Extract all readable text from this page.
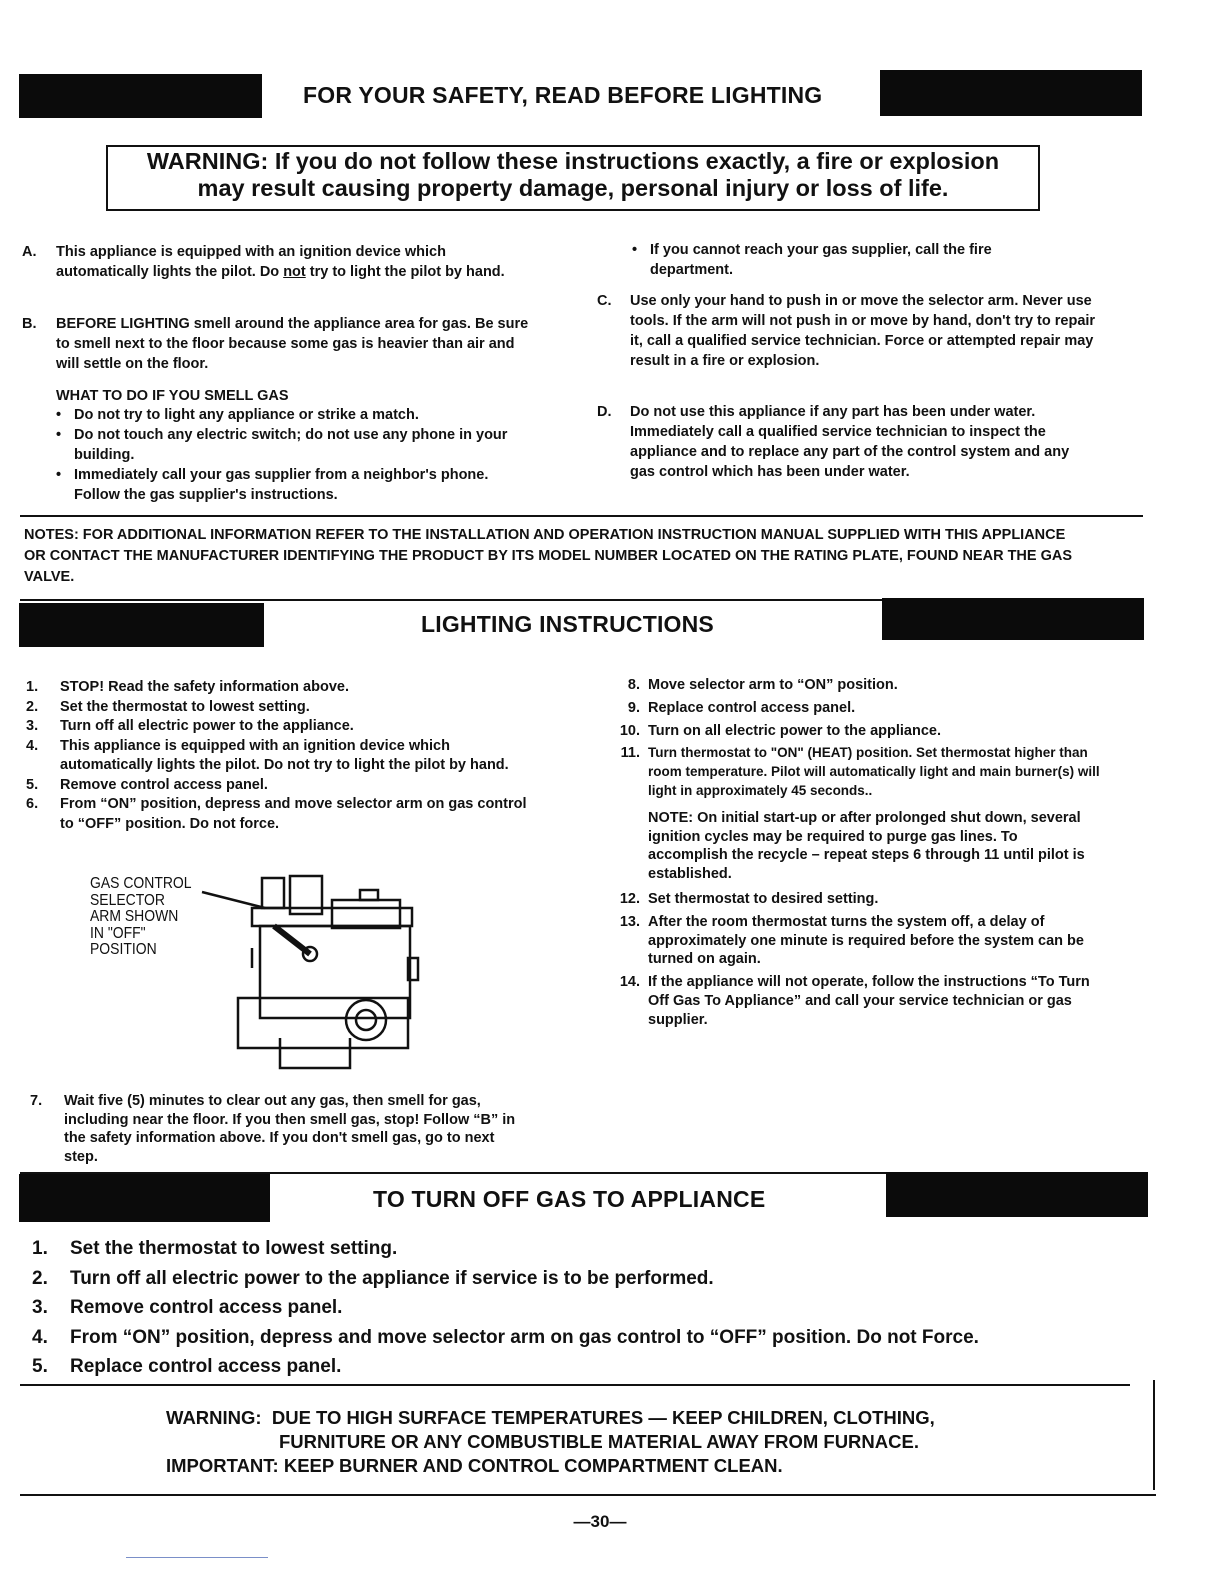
FOR YOUR SAFETY, READ BEFORE LIGHTING
WARNING: If you do not follow these instructions exactly, a fire or explosion
may result causing property damage, personal injury or loss of life.
A.	This appliance is equipped with an ignition device which automatically lights the pilot. Do not try to light the pilot by hand.
B.	BEFORE LIGHTING smell around the appliance area for gas. Be sure to smell next to the floor because some gas is heavier than air and will settle on the floor.
WHAT TO DO IF YOU SMELL GAS
• Do not try to light any appliance or strike a match.
• Do not touch any electric switch; do not use any phone in your building.
• Immediately call your gas supplier from a neighbor's phone. Follow the gas supplier's instructions.
• If you cannot reach your gas supplier, call the fire department.
C.	Use only your hand to push in or move the selector arm. Never use tools. If the arm will not push in or move by hand, don't try to repair it, call a qualified service technician. Force or attempted repair may result in a fire or explosion.
D.	Do not use this appliance if any part has been under water. Immediately call a qualified service technician to inspect the appliance and to replace any part of the control system and any gas control which has been under water.
NOTES: FOR ADDITIONAL INFORMATION REFER TO THE INSTALLATION AND OPERATION INSTRUCTION MANUAL SUPPLIED WITH THIS APPLIANCE OR CONTACT THE MANUFACTURER IDENTIFYING THE PRODUCT BY ITS MODEL NUMBER LOCATED ON THE RATING PLATE, FOUND NEAR THE GAS VALVE.
LIGHTING INSTRUCTIONS
1.	STOP! Read the safety information above.
2.	Set the thermostat to lowest setting.
3.	Turn off all electric power to the appliance.
4.	This appliance is equipped with an ignition device which automatically lights the pilot. Do not try to light the pilot by hand.
5.	Remove control access panel.
6.	From “ON” position, depress and move selector arm on gas control to “OFF” position. Do not force.
GAS CONTROL
SELECTOR
ARM SHOWN
IN "OFF"
POSITION
7.	Wait five (5) minutes to clear out any gas, then smell for gas, including near the floor. If you then smell gas, stop! Follow “B” in the safety information above. If you don't smell gas, go to next step.
8. Move selector arm to “ON” position.
9. Replace control access panel.
10. Turn on all electric power to the appliance.
11. Turn thermostat to "ON" (HEAT) position. Set thermostat higher than room temperature. Pilot will automatically light and main burner(s) will light in approximately 45 seconds..
NOTE: On initial start-up or after prolonged shut down, several ignition cycles may be required to purge gas lines. To accomplish the recycle – repeat steps 6 through 11 until pilot is established.
12. Set thermostat to desired setting.
13. After the room thermostat turns the system off, a delay of approximately one minute is required before the system can be turned on again.
14. If the appliance will not operate, follow the instructions “To Turn Off Gas To Appliance” and call your service technician or gas supplier.
TO TURN OFF GAS TO APPLIANCE
1.	Set the thermostat to lowest setting.
2.	Turn off all electric power to the appliance if service is to be performed.
3.	Remove control access panel.
4.	From “ON” position, depress and move selector arm on gas control to “OFF” position. Do not Force.
5.	Replace control access panel.
WARNING: DUE TO HIGH SURFACE TEMPERATURES — KEEP CHILDREN, CLOTHING,
FURNITURE OR ANY COMBUSTIBLE MATERIAL AWAY FROM FURNACE.
IMPORTANT: KEEP BURNER AND CONTROL COMPARTMENT CLEAN.
—30—
